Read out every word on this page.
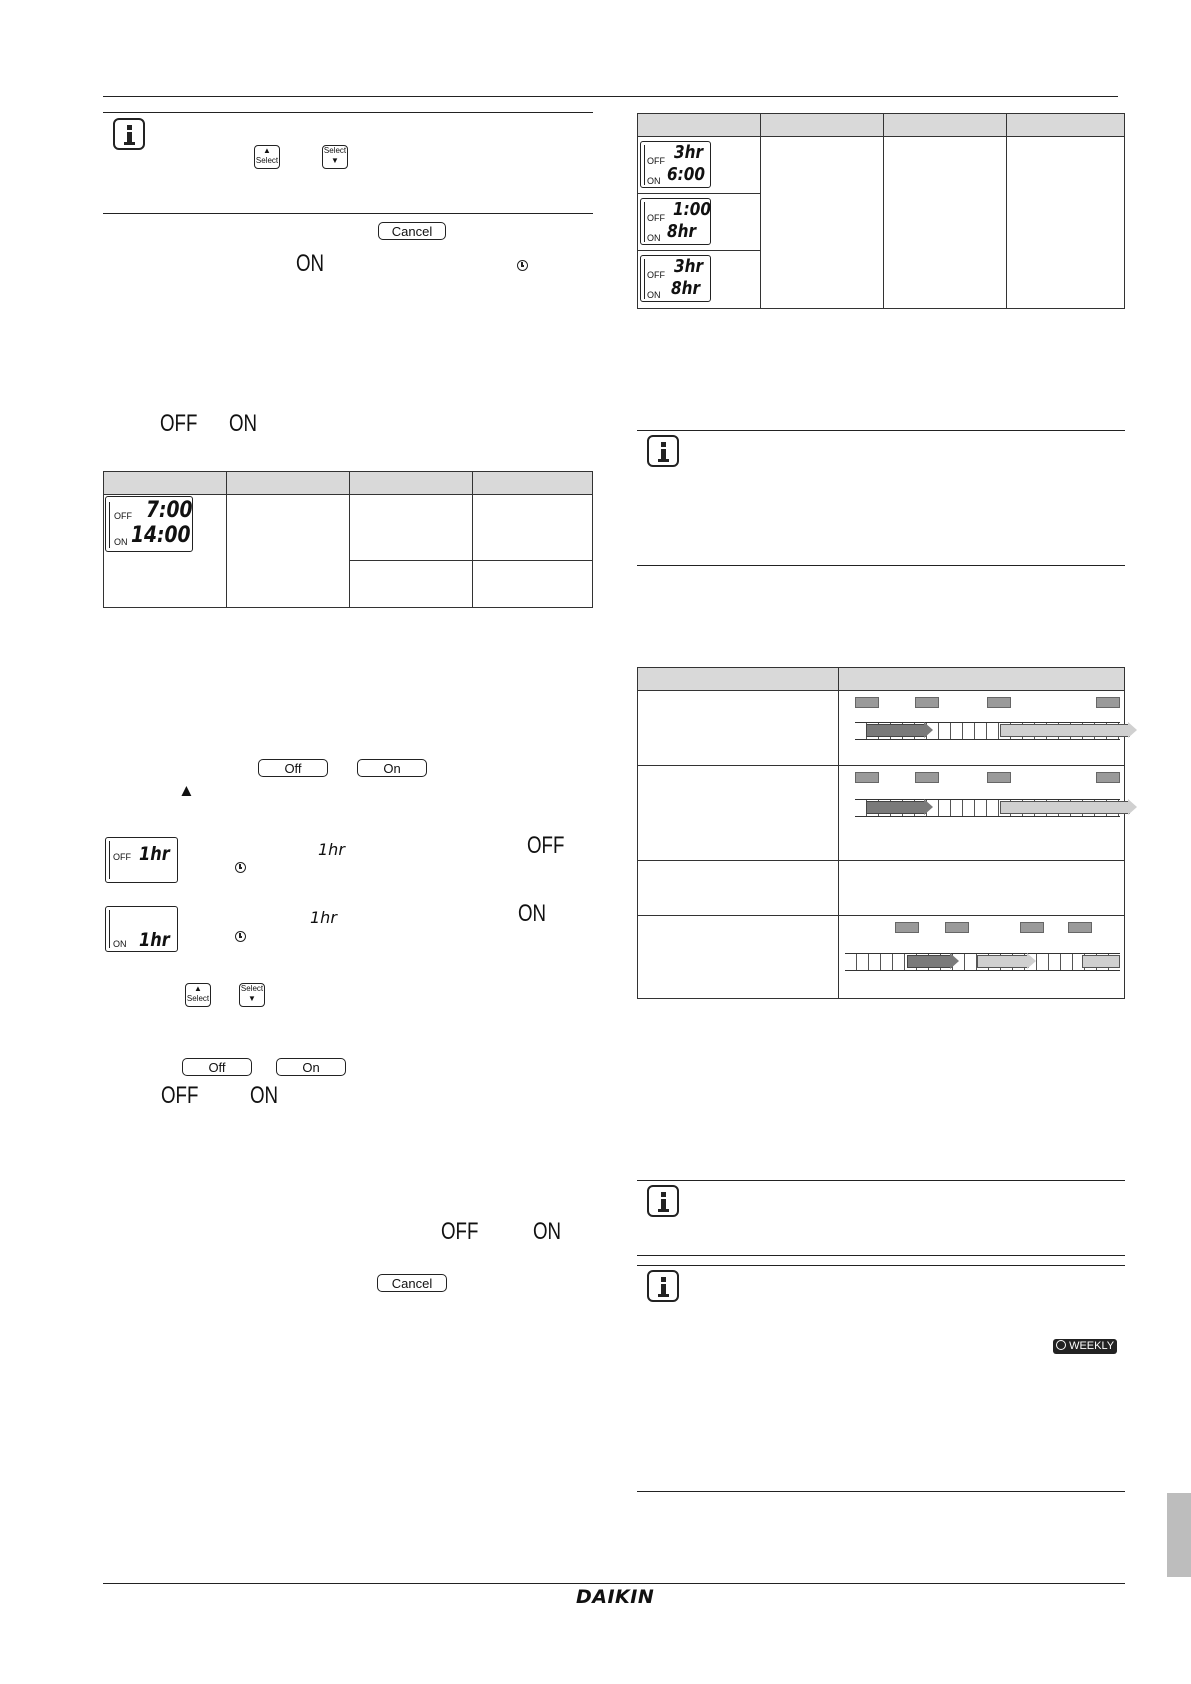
▲
Select
Select
▼
Cancel
ON
OFF ON

OFF 7:00
ON 14:00
Off	On
▲
OFF 1hr	1hr	OFF
ON 1hr
1hr	ON
▲
Select
Select
▼
Off	On
OFF ON
OFF ON
Cancel

OFF 3hr
ON 6:00
OFF 1:00
ON 8hr
OFF 3hr
ON 8hr

WEEKLY
DAIKIN
